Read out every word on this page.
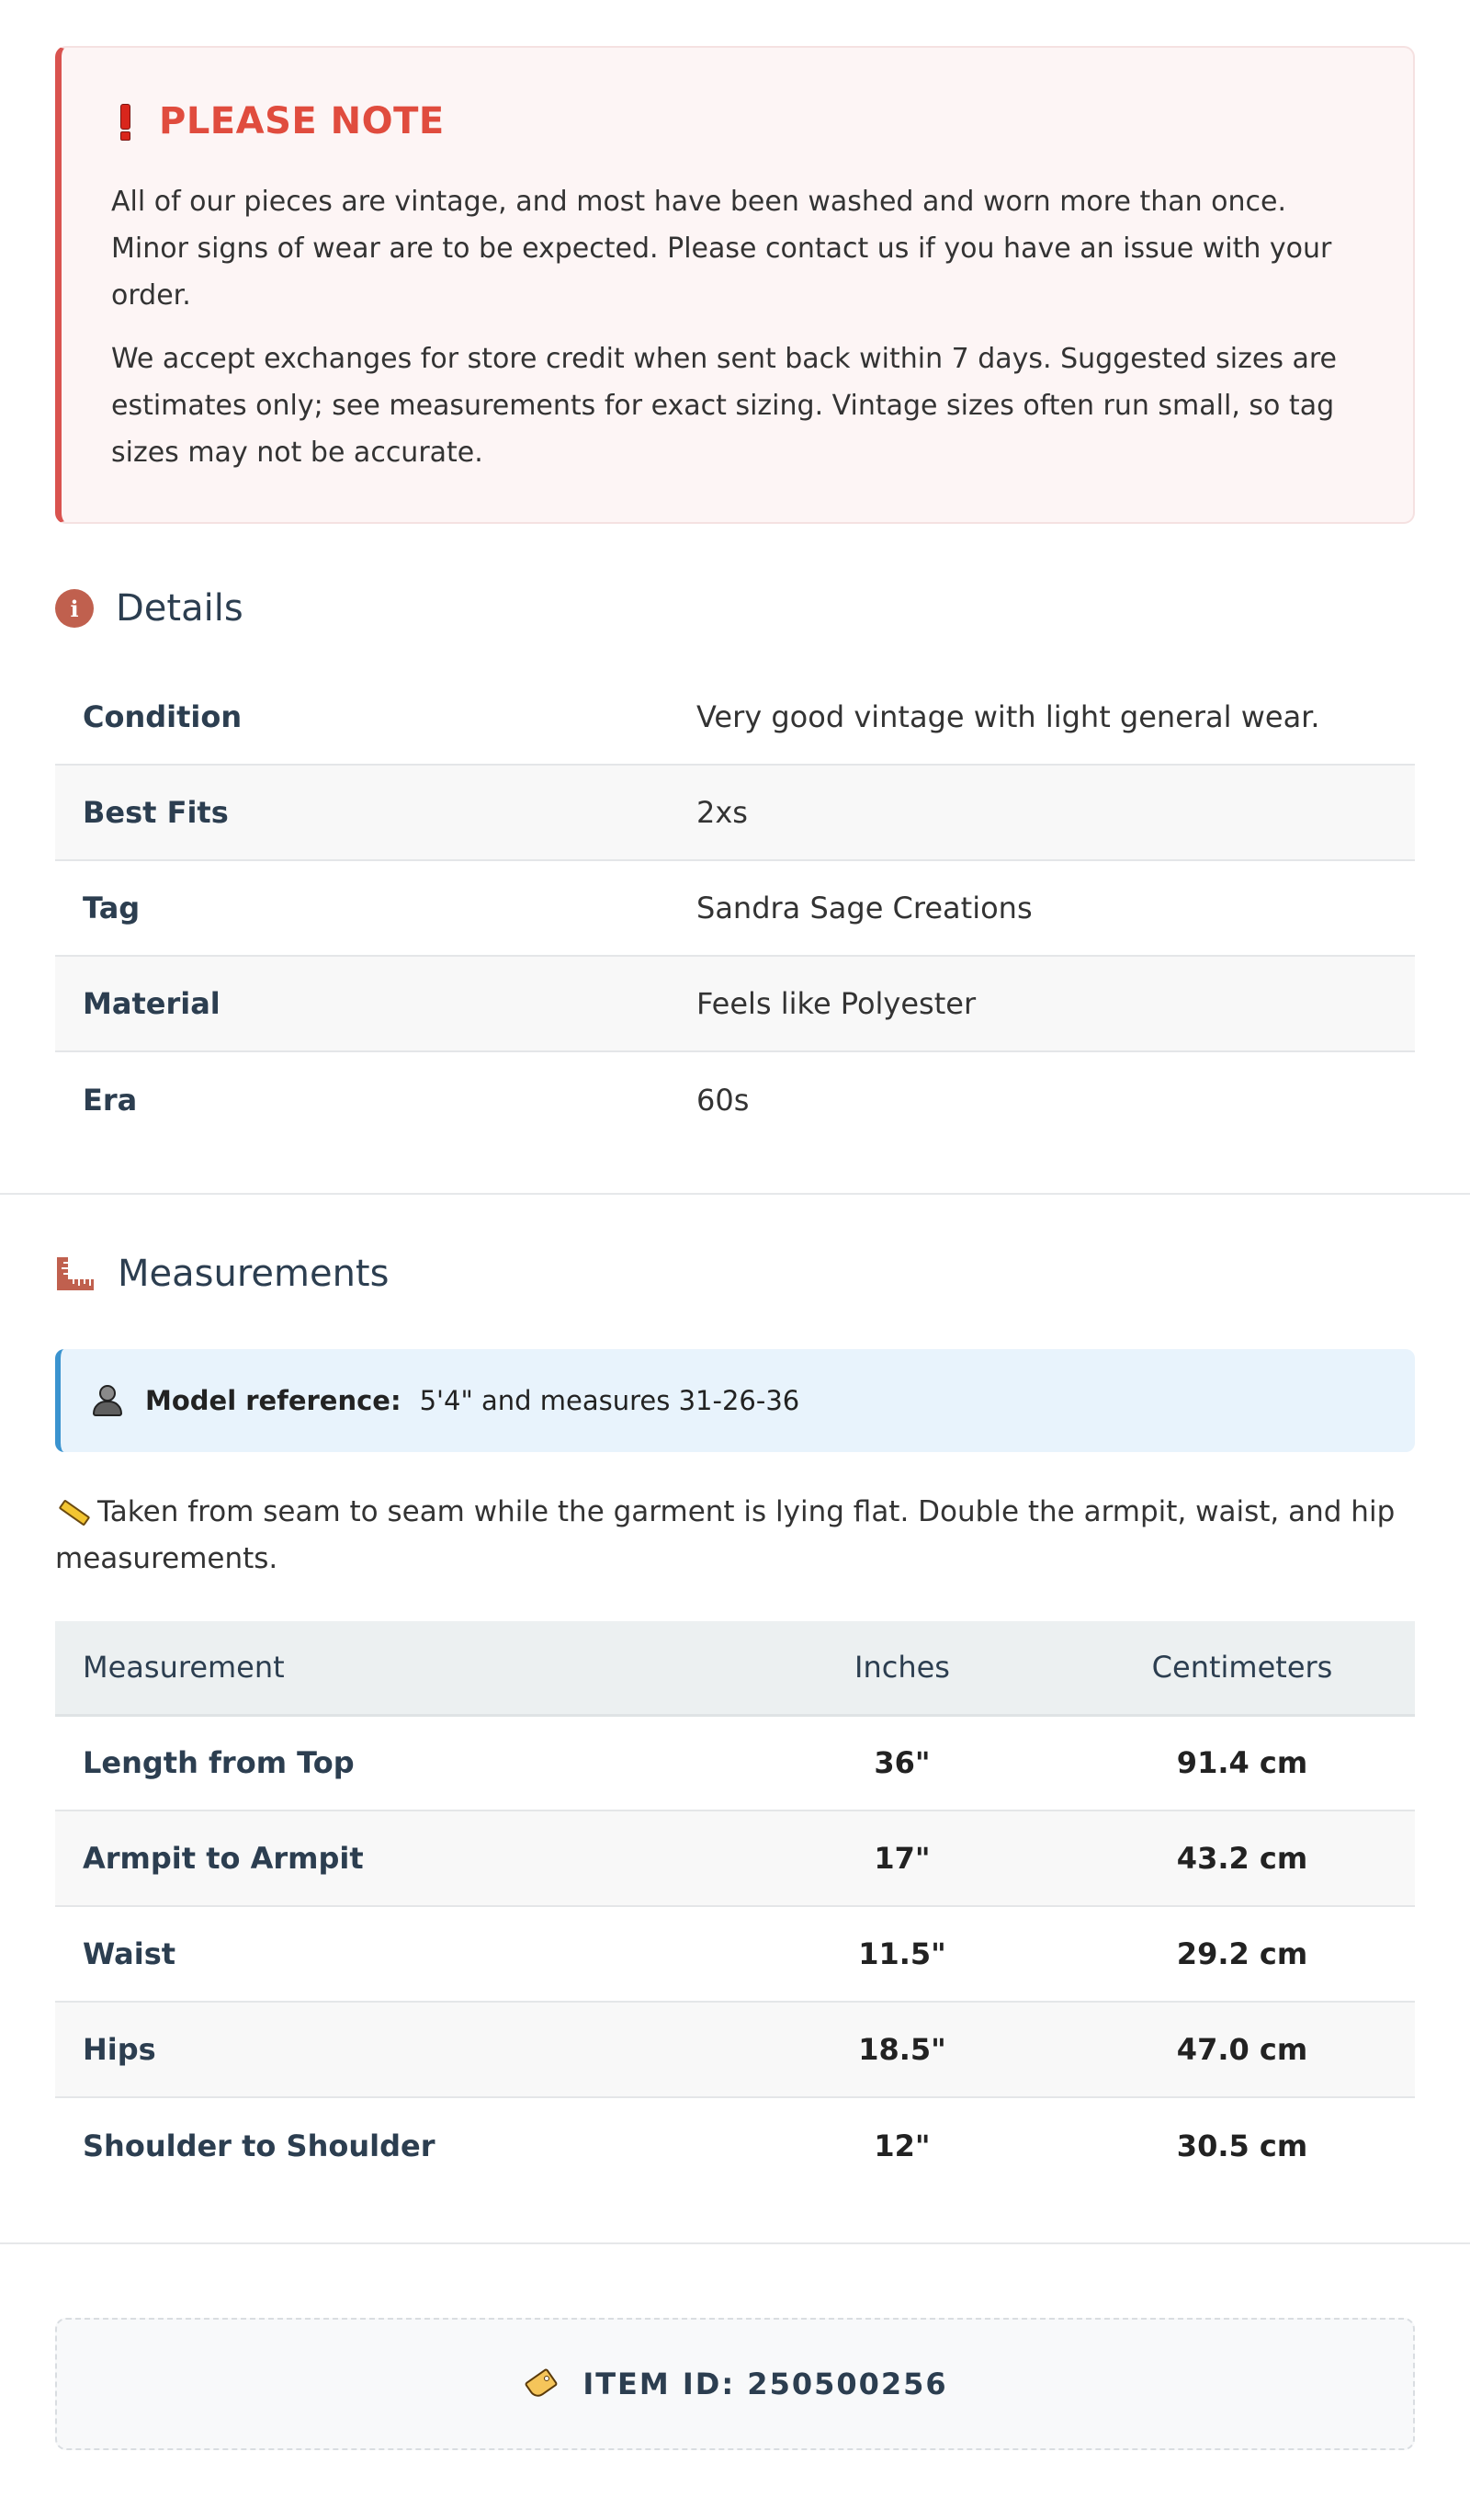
PLEASE NOTE

All of our pieces are vintage, and most have been washed and worn more than once. Minor signs of wear are to be expected. Please contact us if you have an issue with your order.

We accept exchanges for store credit when sent back within 7 days. Suggested sizes are estimates only; see measurements for exact sizing. Vintage sizes often run small, so tag sizes may not be accurate.

i	Details
Condition	Very good vintage with light general wear.
Best Fits	2xs
Tag	Sandra Sage Creations
Material	Feels like Polyester
Era	60s
Measurements
Model reference: 5'4" and measures 31-26-36

Taken from seam to seam while the garment is lying flat. Double the armpit, waist, and hip measurements.

Measurement	Inches	Centimeters
Length from Top	36"	91.4 cm
Armpit to Armpit	17"	43.2 cm
Waist	11.5"	29.2 cm
Hips	18.5"	47.0 cm
Shoulder to Shoulder	12"	30.5 cm
ITEM ID: 250500256
